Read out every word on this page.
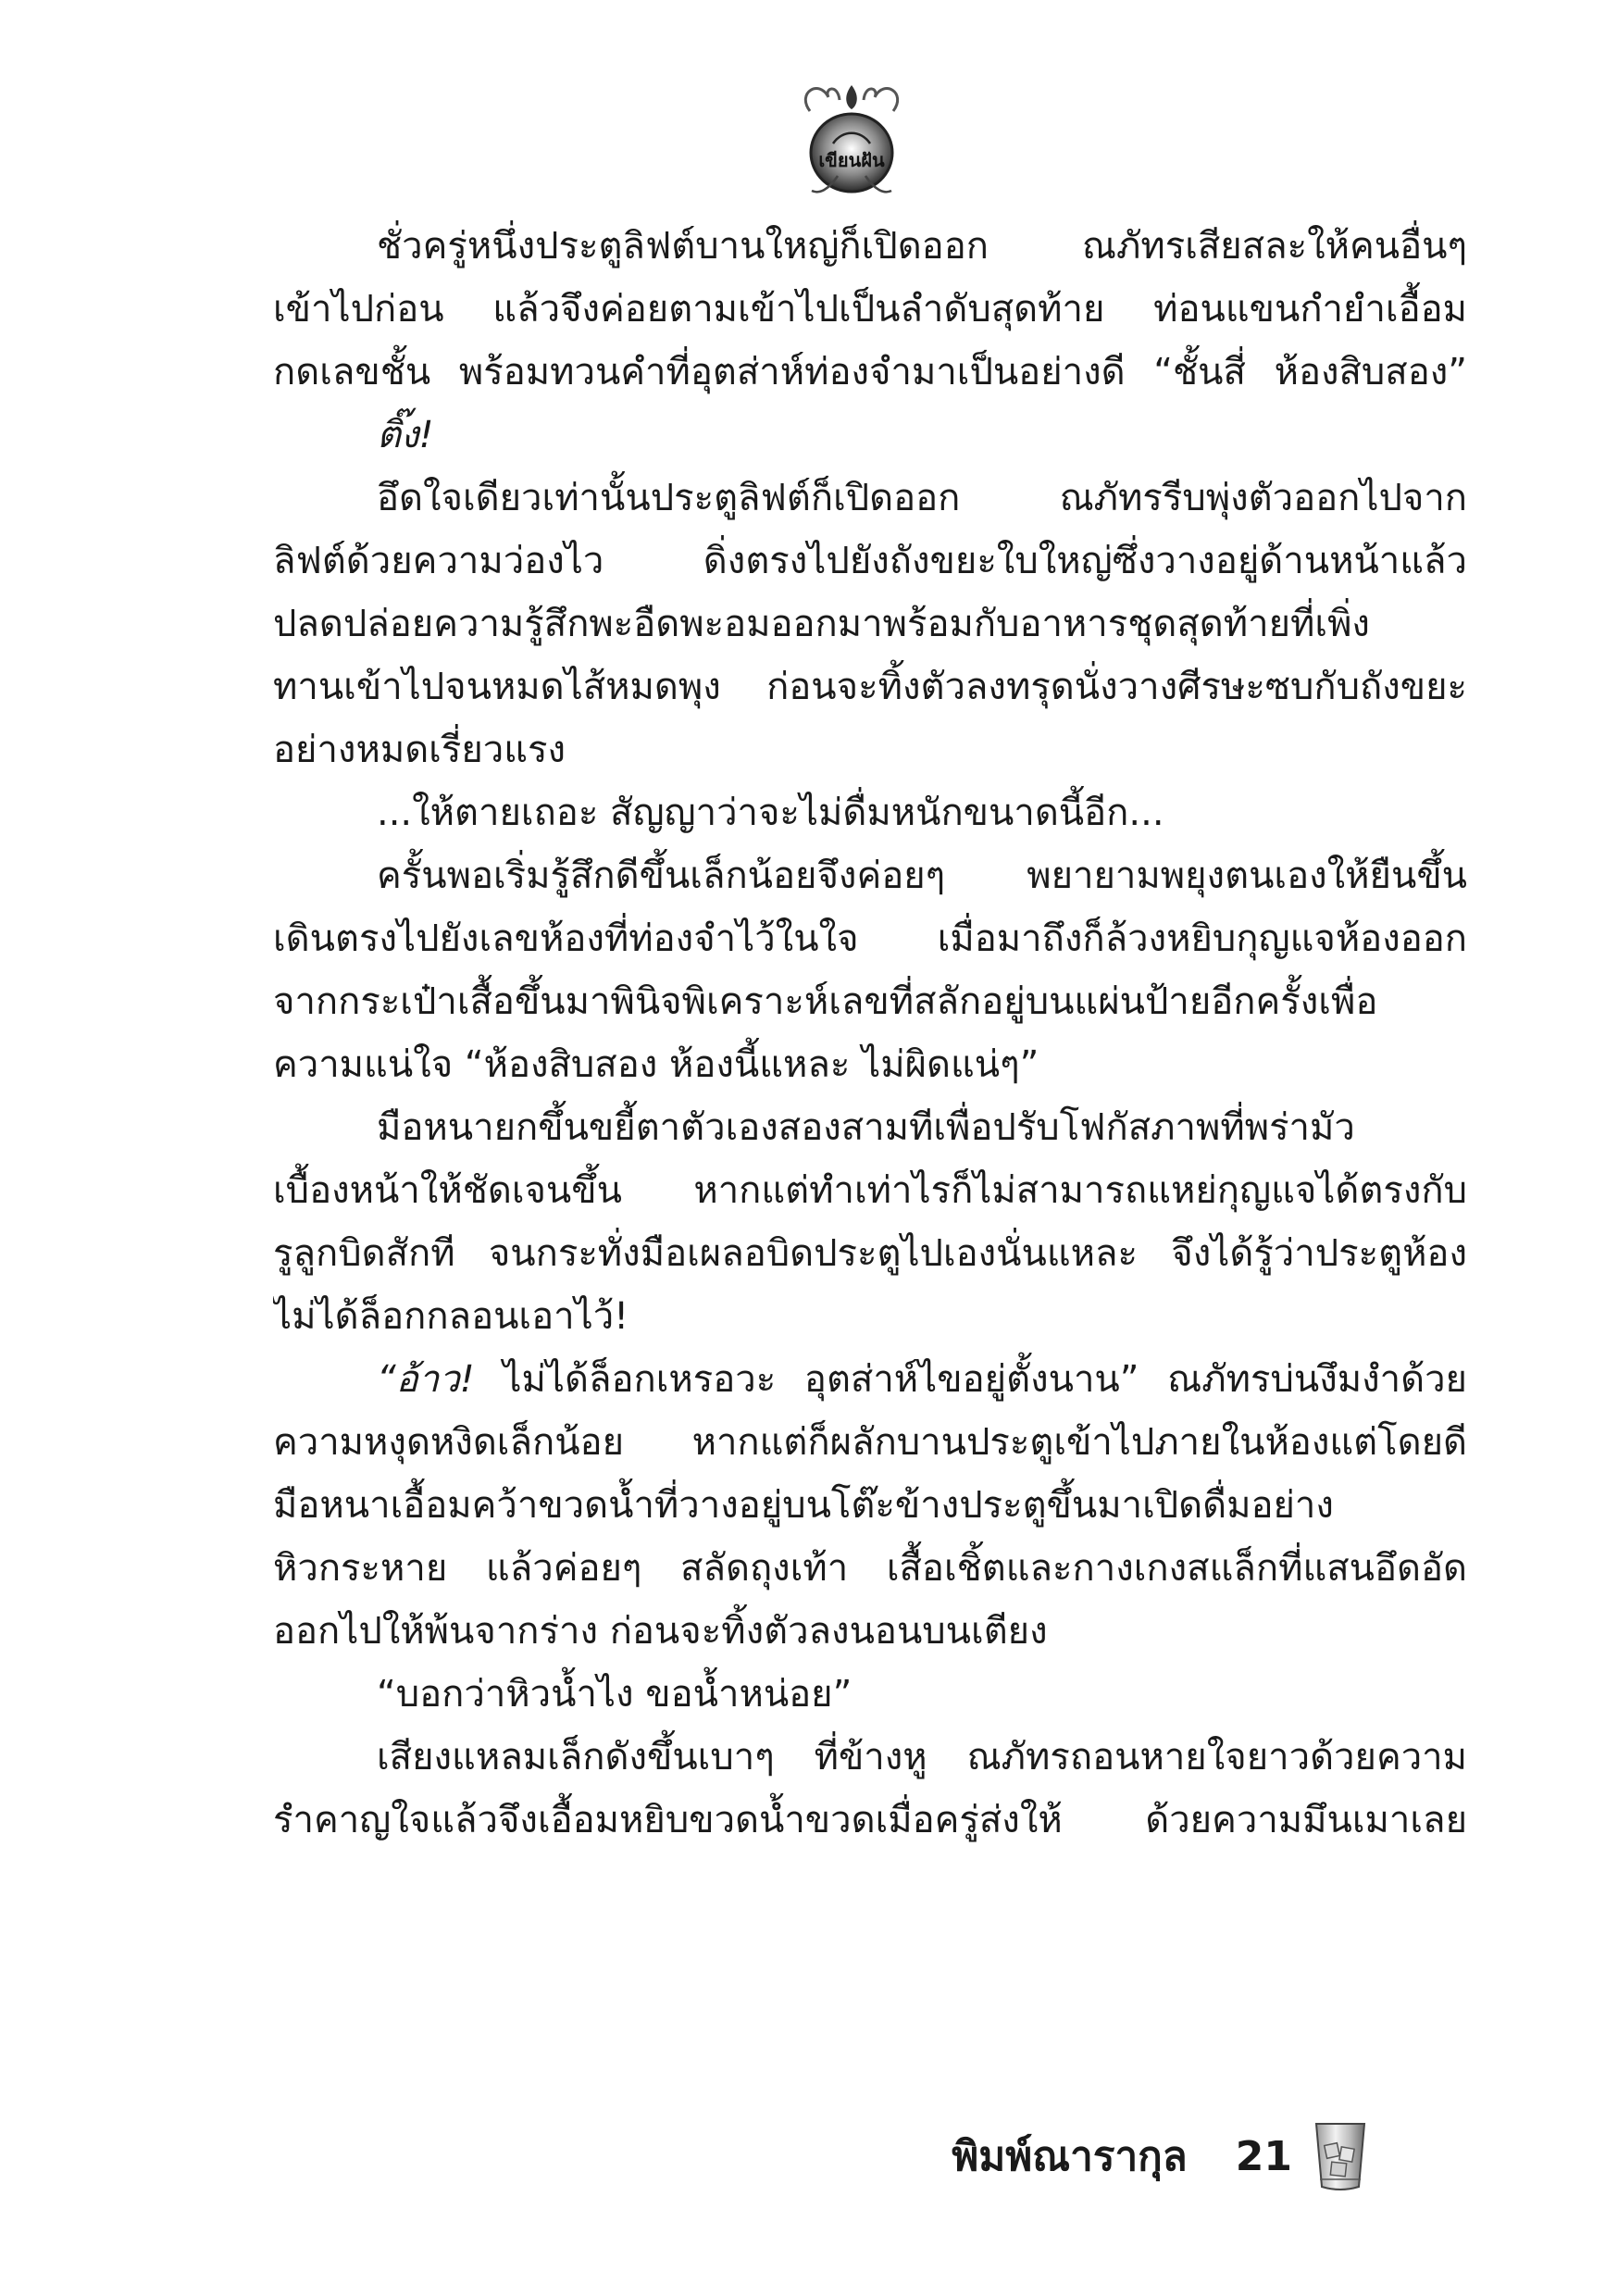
เขียนฝัน
ชั่วครู่หนึ่งประตูลิฟต์บานใหญ่ก็เปิดออก ณภัทรเสียสละให้คนอื่นๆ
เข้าไปก่อน แล้วจึงค่อยตามเข้าไปเป็นลำดับสุดท้าย ท่อนแขนกำยำเอื้อม
กดเลขชั้น พร้อมทวนคำที่อุตส่าห์ท่องจำมาเป็นอย่างดี “ชั้นสี่ ห้องสิบสอง”
ติ๊ง!
อึดใจเดียวเท่านั้นประตูลิฟต์ก็เปิดออก ณภัทรรีบพุ่งตัวออกไปจาก
ลิฟต์ด้วยความว่องไว ดิ่งตรงไปยังถังขยะใบใหญ่ซึ่งวางอยู่ด้านหน้าแล้ว
ปลดปล่อยความรู้สึกพะอืดพะอมออกมาพร้อมกับอาหารชุดสุดท้ายที่เพิ่ง
ทานเข้าไปจนหมดไส้หมดพุง ก่อนจะทิ้งตัวลงทรุดนั่งวางศีรษะซบกับถังขยะ
อย่างหมดเรี่ยวแรง
...ให้ตายเถอะ สัญญาว่าจะไม่ดื่มหนักขนาดนี้อีก...
ครั้นพอเริ่มรู้สึกดีขึ้นเล็กน้อยจึงค่อยๆ พยายามพยุงตนเองให้ยืนขึ้น
เดินตรงไปยังเลขห้องที่ท่องจำไว้ในใจ เมื่อมาถึงก็ล้วงหยิบกุญแจห้องออก
จากกระเป๋าเสื้อขึ้นมาพินิจพิเคราะห์เลขที่สลักอยู่บนแผ่นป้ายอีกครั้งเพื่อ
ความแน่ใจ “ห้องสิบสอง ห้องนี้แหละ ไม่ผิดแน่ๆ”
มือหนายกขึ้นขยี้ตาตัวเองสองสามทีเพื่อปรับโฟกัสภาพที่พร่ามัว
เบื้องหน้าให้ชัดเจนขึ้น หากแต่ทำเท่าไรก็ไม่สามารถแหย่กุญแจได้ตรงกับ
รูลูกบิดสักที จนกระทั่งมือเผลอบิดประตูไปเองนั่นแหละ จึงได้รู้ว่าประตูห้อง
ไม่ได้ล็อกกลอนเอาไว้!
“อ้าว! ไม่ได้ล็อกเหรอวะ อุตส่าห์ไขอยู่ตั้งนาน” ณภัทรบ่นงึมงำด้วย
ความหงุดหงิดเล็กน้อย หากแต่ก็ผลักบานประตูเข้าไปภายในห้องแต่โดยดี
มือหนาเอื้อมคว้าขวดน้ำที่วางอยู่บนโต๊ะข้างประตูขึ้นมาเปิดดื่มอย่าง
หิวกระหาย แล้วค่อยๆ สลัดถุงเท้า เสื้อเชิ้ตและกางเกงสแล็กที่แสนอึดอัด
ออกไปให้พ้นจากร่าง ก่อนจะทิ้งตัวลงนอนบนเตียง
“บอกว่าหิวน้ำไง ขอน้ำหน่อย”
เสียงแหลมเล็กดังขึ้นเบาๆ ที่ข้างหู ณภัทรถอนหายใจยาวด้วยความ
รำคาญใจแล้วจึงเอื้อมหยิบขวดน้ำขวดเมื่อครู่ส่งให้ ด้วยความมึนเมาเลย
พิมพ์ณารากุล 21
